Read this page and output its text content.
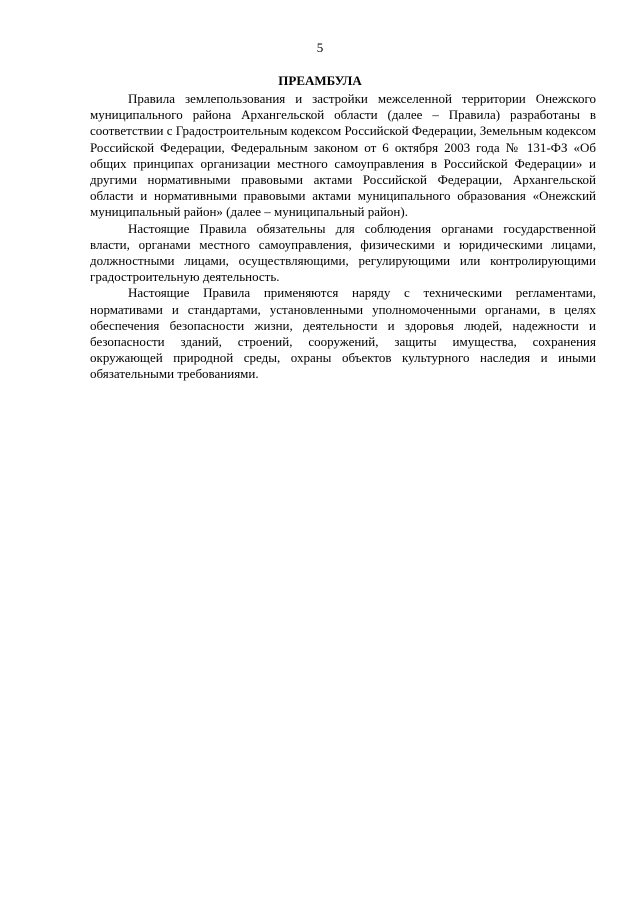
5
ПРЕАМБУЛА

Правила землепользования и застройки межселенной территории Онежского муниципального района Архангельской области (далее – Правила) разработаны в соответствии с Градостроительным кодексом Российской Федерации, Земельным кодексом Российской Федерации, Федеральным законом от 6 октября 2003 года № 131-ФЗ «Об общих принципах организации местного самоуправления в Российской Федерации» и другими нормативными правовыми актами Российской Федерации, Архангельской области и нормативными правовыми актами муниципального образования «Онежский муниципальный район» (далее – муниципальный район).

Настоящие Правила обязательны для соблюдения органами государственной власти, органами местного самоуправления, физическими и юридическими лицами, должностными лицами, осуществляющими, регулирующими или контролирующими градостроительную деятельность.

Настоящие Правила применяются наряду с техническими регламентами, нормативами и стандартами, установленными уполномоченными органами, в целях обеспечения безопасности жизни, деятельности и здоровья людей, надежности и безопасности зданий, строений, сооружений, защиты имущества, сохранения окружающей природной среды, охраны объектов культурного наследия и иными обязательными требованиями.
